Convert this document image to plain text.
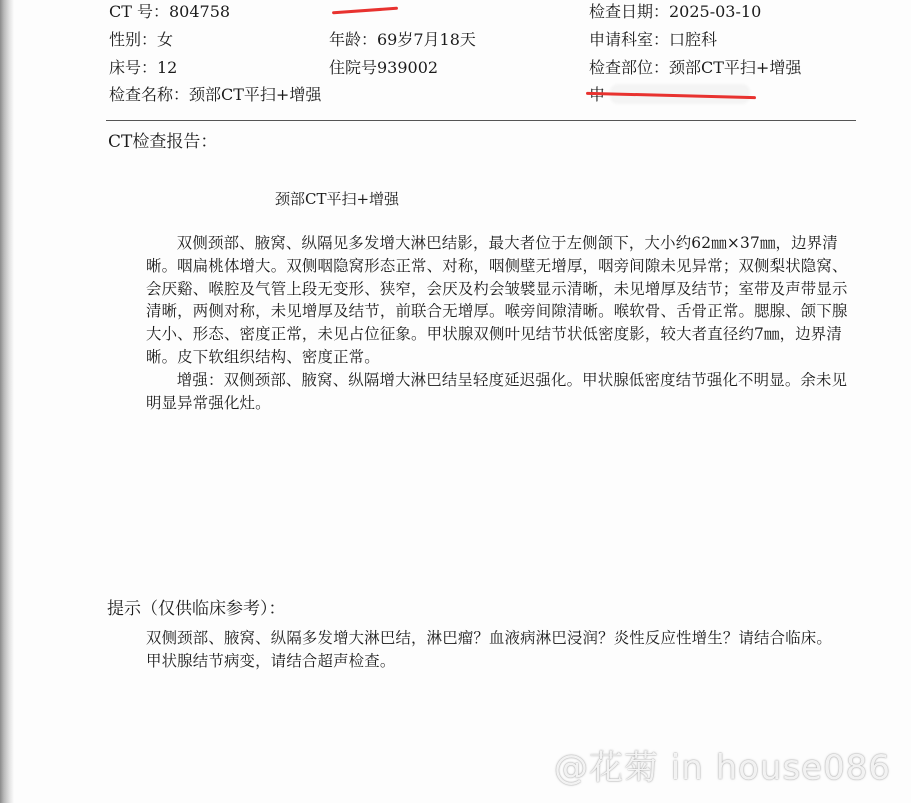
CT 号：804758
性别：女
床号：12
检查名称：颈部CT平扫+增强
年龄：69岁7月18天
住院号939002
检查日期：2025-03-10
申请科室：口腔科
检查部位：颈部CT平扫+增强
CT检查报告：
颈部CT平扫+增强

双侧颈部、腋窝、纵隔见多发增大淋巴结影，最大者位于左侧颌下，大小约62㎜×37㎜，边界清晰。咽扁桃体增大。双侧咽隐窝形态正常、对称，咽侧壁无增厚，咽旁间隙未见异常；双侧梨状隐窝、会厌谿、喉腔及气管上段无变形、狭窄，会厌及杓会皱襞显示清晰，未见增厚及结节；室带及声带显示清晰，两侧对称，未见增厚及结节，前联合无增厚。喉旁间隙清晰。喉软骨、舌骨正常。腮腺、颌下腺大小、形态、密度正常，未见占位征象。甲状腺双侧叶见结节状低密度影，较大者直径约7㎜，边界清晰。皮下软组织结构、密度正常。

增强：双侧颈部、腋窝、纵隔增大淋巴结呈轻度延迟强化。甲状腺低密度结节强化不明显。余未见明显异常强化灶。

提示（仅供临床参考）：

双侧颈部、腋窝、纵隔多发增大淋巴结，淋巴瘤？血液病淋巴浸润？炎性反应性增生？请结合临床。

甲状腺结节病变，请结合超声检查。

@花菊 in house086
